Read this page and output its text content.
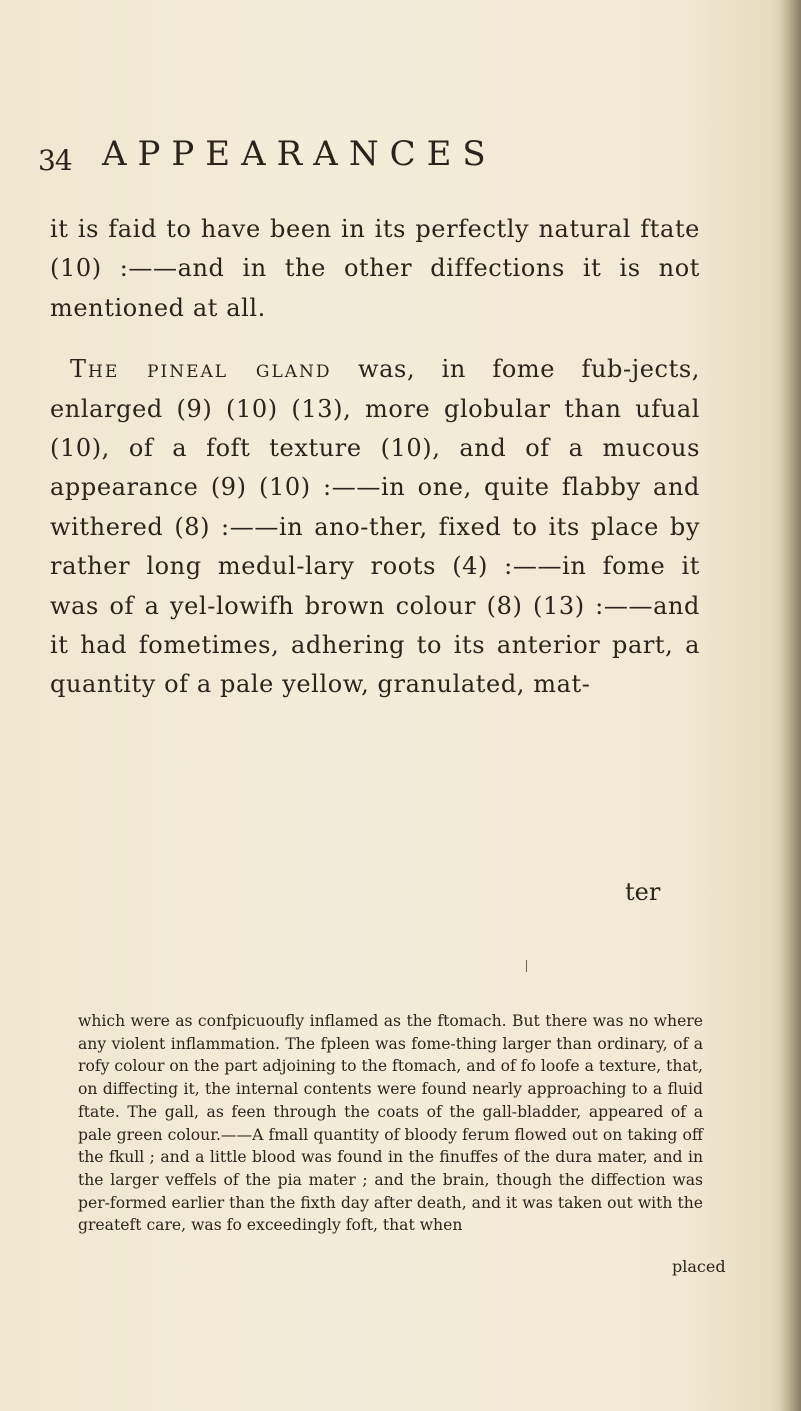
34 APPEARANCES

it is faid to have been in its perfectly natural ftate (10) :——and in the other diffections it is not mentioned at all.

The pineal gland was, in fome fub-jects, enlarged (9) (10) (13), more globular than ufual (10), of a foft texture (10), and of a mucous appearance (9) (10) :——in one, quite flabby and withered (8) :——in ano-ther, fixed to its place by rather long medul-lary roots (4) :——in fome it was of a yel-lowifh brown colour (8) (13) :——and it had fometimes, adhering to its anterior part, a quantity of a pale yellow, granulated, mat-

ter

which were as confpicuoufly inflamed as the ftomach. But there was no where any violent inflammation. The fpleen was fome-thing larger than ordinary, of a rofy colour on the part adjoining to the ftomach, and of fo loofe a texture, that, on diffecting it, the internal contents were found nearly approaching to a fluid ftate. The gall, as feen through the coats of the gall-bladder, appeared of a pale green colour.——A fmall quantity of bloody ferum flowed out on taking off the fkull ; and a little blood was found in the finuffes of the dura mater, and in the larger veffels of the pia mater ; and the brain, though the diffection was per-formed earlier than the fixth day after death, and it was taken out with the greateft care, was fo exceedingly foft, that when

placed
